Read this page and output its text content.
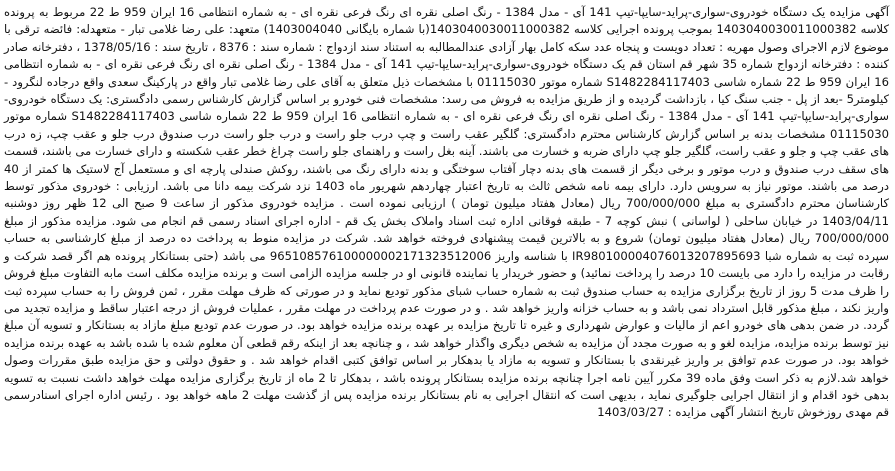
آگهی مزایده یک دستگاه خودروی-سواری-پراید-سایپا-تیپ 141 آی - مدل 1384 - رنگ اصلی نقره ای رنگ فرعی نقره ای - به شماره انتظامی 16 ایران 959 ط 22 مربوط به پرونده کلاسه 1403040030011000382 بموجب پرونده اجرایی کلاسه 1403040030011000382(با شماره بایگانی 1403004040) متعهد: علی رضا غلامی تبار - متعهدله: فائضه ترقی با موضوع لازم الاجرای وصول مهریه : تعداد دویست و پنجاه عدد سکه کامل بهار آزادی عندالمطالبه به استناد سند ازدواج : شماره سند : 8376 ، تاریخ سند : 1378/05/16 ، دفترخانه صادر کننده : دفترخانه ازدواج شماره 35 شهر قم استان قم یک دستگاه خودروی-سواری-پراید-سایپا-تیپ 141 آی - مدل 1384 - رنگ اصلی نقره ای رنگ فرعی نقره ای - به شماره انتظامی 16 ایران 959 ط 22 شماره شاسی S1482284117403 شماره موتور 01115030 با مشخصات ذیل متعلق به آقای علی رضا غلامی تبار واقع در پارکینگ سعدی واقع درجاده لنگرود - کیلومتر5 -بعد از پل - جنب سنگ کیا ، بازداشت گردیده و از طریق مزایده به فروش می رسد: مشخصات فنی خودرو بر اساس گزارش کارشناس رسمی دادگستری: یک دستگاه خودروی-سواری-پراید-سایپا-تیپ 141 آی - مدل 1384 - رنگ اصلی نقره ای رنگ فرعی نقره ای - به شماره انتظامی 16 ایران 959 ط 22 شماره شاسی S1482284117403 شماره موتور 01115030 مشخصات بدنه بر اساس گزارش کارشناس محترم دادگستری: گلگیر عقب راست و چپ درب جلو راست و درب جلو راست درب صندوق درب جلو و عقب چپ، زه درب های عقب چپ و جلو و عقب راست، گلگیر جلو چپ دارای ضربه و خسارت می باشند. آینه بغل راست و راهنمای جلو راست چراغ خطر عقب شکسته و دارای خسارت می باشند، قسمت های سقف درب صندوق و درب موتور و برخی دیگر از قسمت های بدنه دچار آفتاب سوختگی و بدنه دارای رنگ می باشند، روکش صندلی پارچه ای و مستعمل آج لاستیک ها کمتر از 40 درصد می باشند. موتور نیاز به سرویس دارد. دارای بیمه نامه شخص ثالث به تاریخ اعتبار چهاردهم شهریور ماه 1403 نزد شرکت بیمه دانا می باشد. ارزیابی : خودروی مذکور توسط کارشناسان محترم دادگستری به مبلغ 700/000/000 ریال (معادل هفتاد میلیون تومان ) ارزیابی نموده است . مزایده خودروی مذکور از ساعت 9 صبح الی 12 ظهر روز دوشنبه 1403/04/11 در خیابان ساحلی ( لواسانی ) نبش کوچه 7 - طبقه فوقانی اداره ثبت اسناد واملاک بخش یک قم - اداره اجرای اسناد رسمی قم انجام می شود. مزایده مذکور از مبلغ 700/000/000 ریال (معادل هفتاد میلیون تومان) شروع و به بالاترین قیمت پیشنهادی فروخته خواهد شد. شرکت در مزایده منوط به پرداخت ده درصد از مبلغ کارشناسی به حساب سپرده ثبت به شماره شبا IR980100004076013207895693 با شناسه واریز 965108576100000002171323512006 می باشد (حتی بستانکار پرونده هم اگر قصد شرکت و رقابت در مزایده را دارد می بایست 10 درصد را پرداخت نمائید) و حضور خریدار یا نماینده قانونی او در جلسه مزایده الزامی است و برنده مزایده مکلف است مابه التفاوت مبلغ فروش را ظرف مدت 5 روز از تاریخ برگزاری مزایده به حساب صندوق ثبت به شماره حساب شبای مذکور تودیع نماید و در صورتی که ظرف مهلت مقرر ، ثمن فروش را به حساب سپرده ثبت واریز نکند ، مبلغ مذکور قابل استرداد نمی باشد و به حساب خزانه واریز خواهد شد . و در صورت عدم پرداخت در مهلت مقرر ، عملیات فروش از درجه اعتبار ساقط و مزایده تجدید می گردد. در ضمن بدهی های خودرو اعم از مالیات و عوارض شهرداری و غیره تا تاریخ مزایده بر عهده برنده مزایده خواهد بود. در صورت عدم تودیع مبلغ مازاد به بستانکار و تسویه آن مبلغ نیز توسط برنده مزایده، مزایده لغو و به صورت مجدد آن مزایده به شخص دیگری واگذار خواهد شد ، و چنانچه بعد از اینکه رقم قطعی آن معلوم شده با شده باشد به عهده برنده مزایده خواهد بود. در صورت عدم توافق بر واریز غیرنقدی با بستانکار و تسویه به مازاد یا بدهکار بر اساس توافق کتبی اقدام خواهد شد . و حقوق دولتی و حق مزایده طبق مقررات وصول خواهد شد.لازم به ذکر است وفق ماده 39 مکرر آیین نامه اجرا چنانچه برنده مزایده بستانکار پرونده باشد ، بدهکار تا 2 ماه از تاریخ برگزاری مزایده مهلت خواهد داشت نسبت به تسویه بدهی خود اقدام و از انتقال اجرایی جلوگیری نماید ، بدیهی است که انتقال اجرایی به نام بستانکار برنده مزایده پس از گذشت مهلت 2 ماهه خواهد بود . رئیس اداره اجرای اسنادرسمی قم مهدی روزخوش تاریخ انتشار آگهی مزایده : 1403/03/27
